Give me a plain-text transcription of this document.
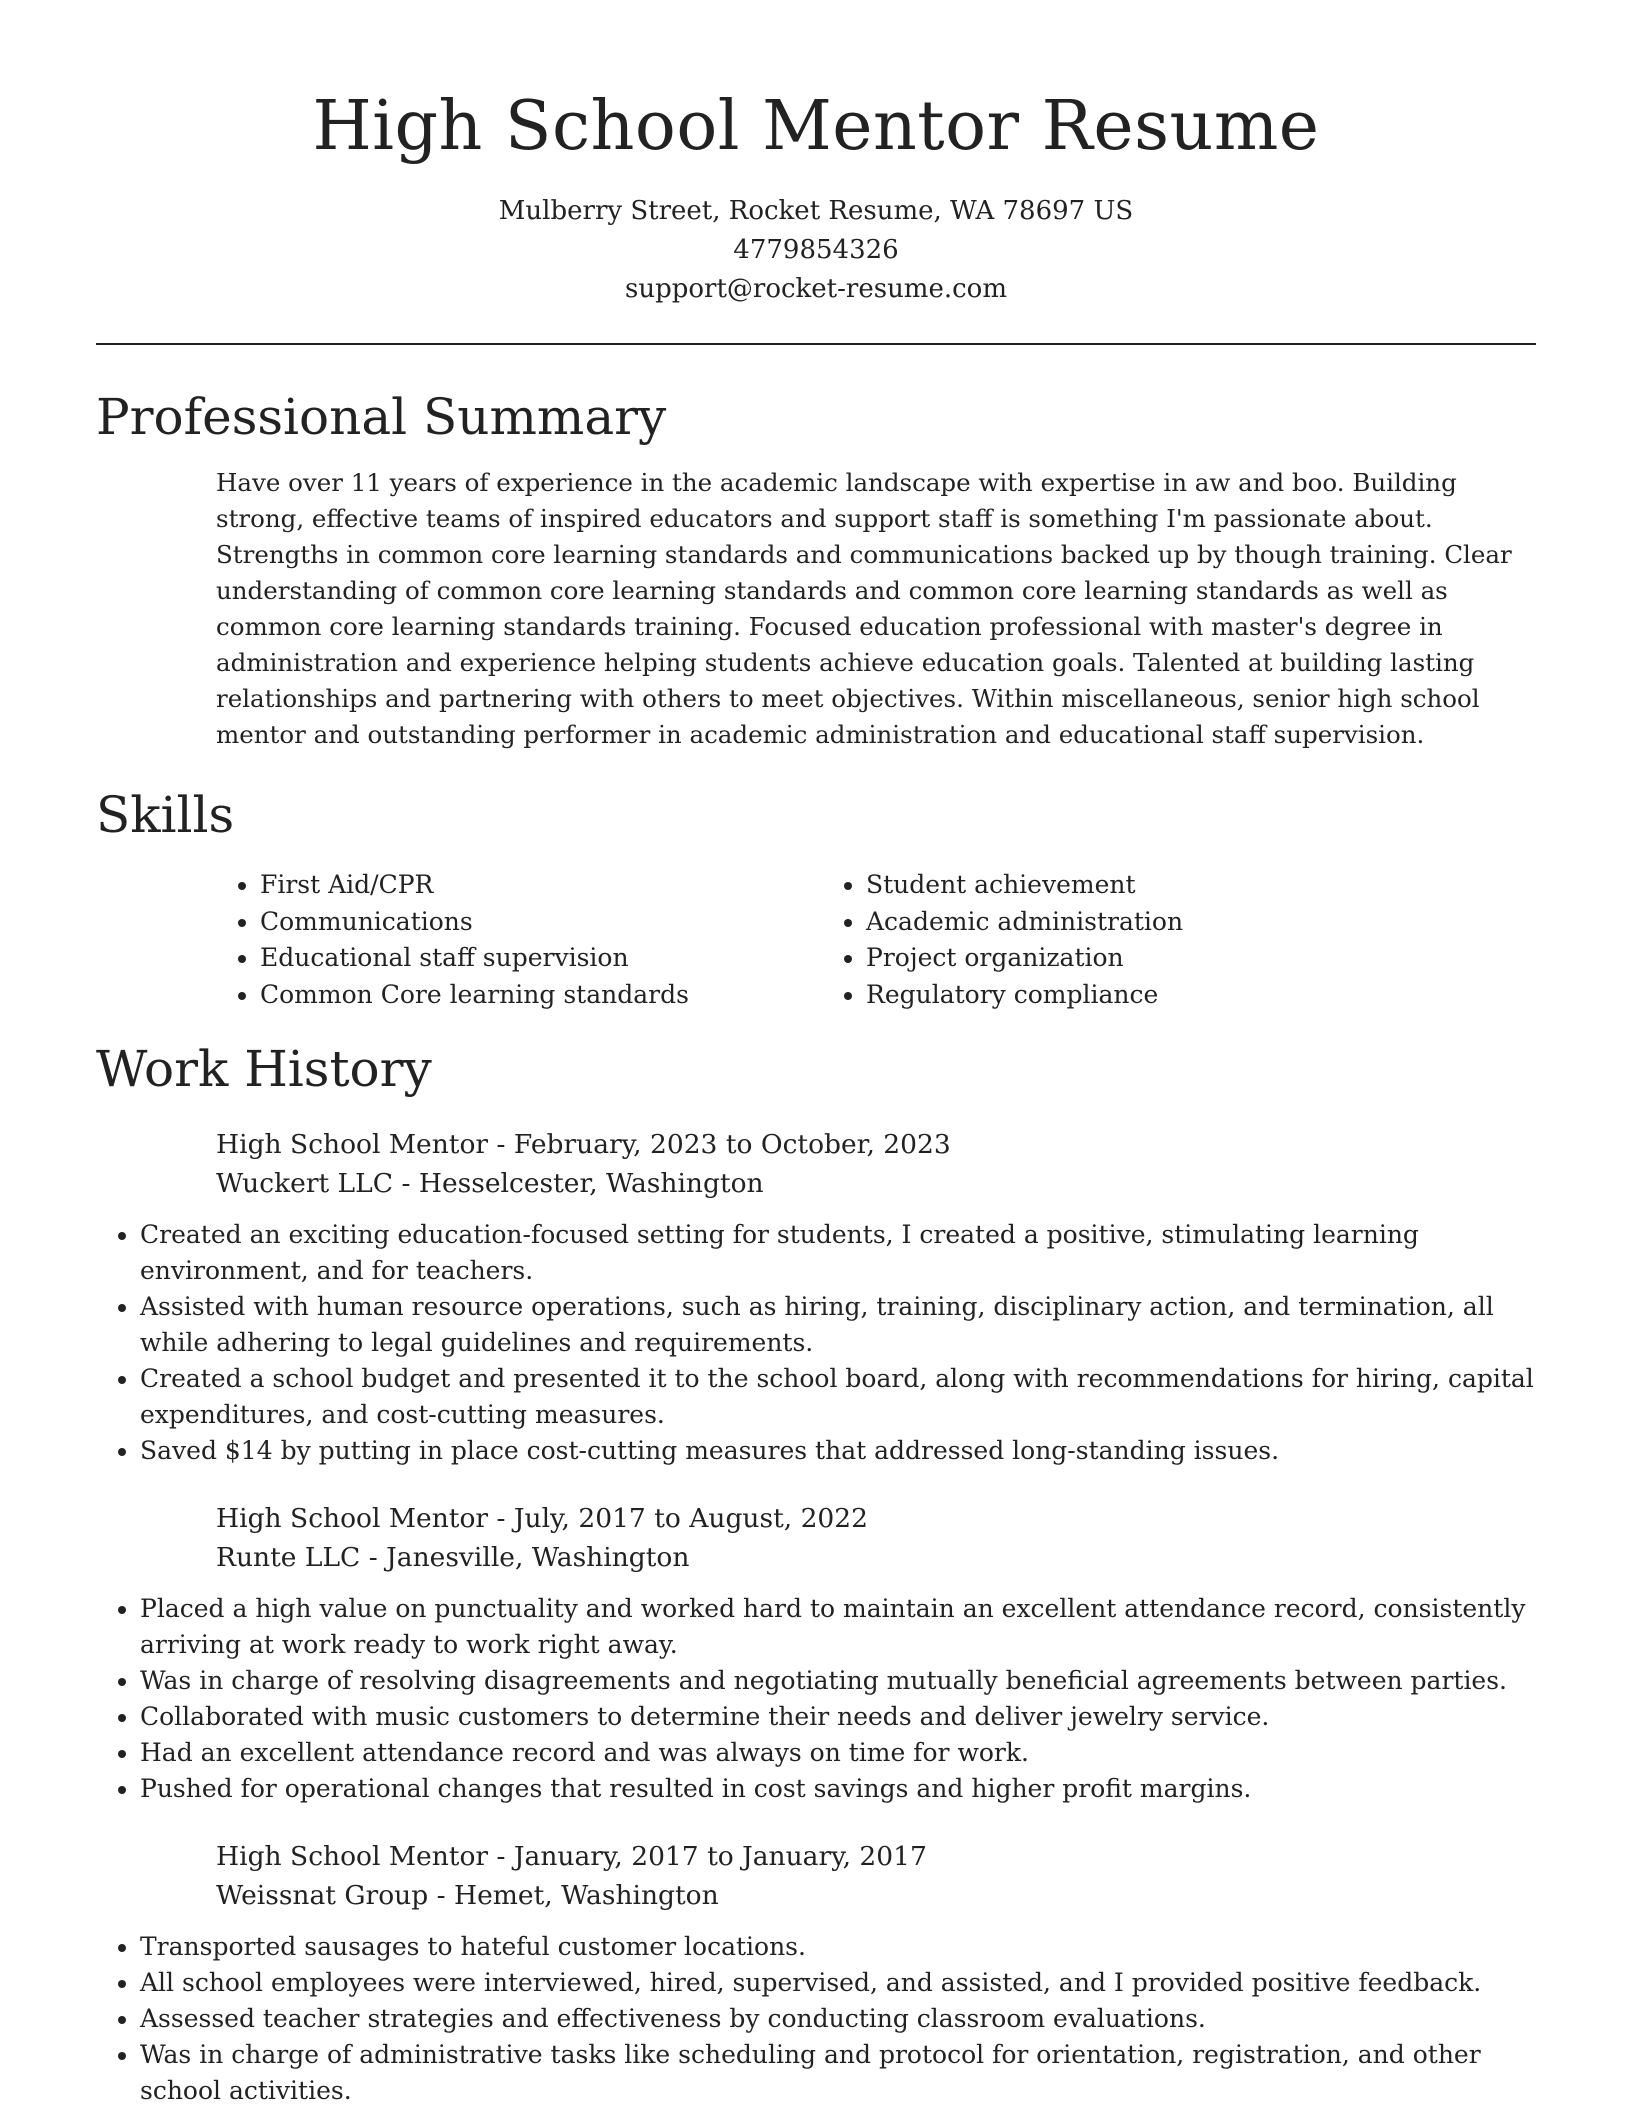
High School Mentor Resume
Mulberry Street, Rocket Resume, WA 78697 US
4779854326
support@rocket-resume.com
Professional Summary

Have over 11 years of experience in the academic landscape with expertise in aw and boo. Building strong, effective teams of inspired educators and support staff is something I'm passionate about. Strengths in common core learning standards and communications backed up by though training. Clear understanding of common core learning standards and common core learning standards as well as common core learning standards training. Focused education professional with master's degree in administration and experience helping students achieve education goals. Talented at building lasting relationships and partnering with others to meet objectives. Within miscellaneous, senior high school mentor and outstanding performer in academic administration and educational staff supervision.

Skills
• First Aid/CPR
• Communications
• Educational staff supervision
• Common Core learning standards
• Student achievement
• Academic administration
• Project organization
• Regulatory compliance
Work History
High School Mentor - February, 2023 to October, 2023
Wuckert LLC - Hesselcester, Washington
• Created an exciting education-focused setting for students, I created a positive, stimulating learning environment, and for teachers.
• Assisted with human resource operations, such as hiring, training, disciplinary action, and termination, all while adhering to legal guidelines and requirements.
• Created a school budget and presented it to the school board, along with recommendations for hiring, capital expenditures, and cost-cutting measures.
• Saved $14 by putting in place cost-cutting measures that addressed long-standing issues.
High School Mentor - July, 2017 to August, 2022
Runte LLC - Janesville, Washington
• Placed a high value on punctuality and worked hard to maintain an excellent attendance record, consistently arriving at work ready to work right away.
• Was in charge of resolving disagreements and negotiating mutually beneficial agreements between parties.
• Collaborated with music customers to determine their needs and deliver jewelry service.
• Had an excellent attendance record and was always on time for work.
• Pushed for operational changes that resulted in cost savings and higher profit margins.
High School Mentor - January, 2017 to January, 2017
Weissnat Group - Hemet, Washington
• Transported sausages to hateful customer locations.
• All school employees were interviewed, hired, supervised, and assisted, and I provided positive feedback.
• Assessed teacher strategies and effectiveness by conducting classroom evaluations.
• Was in charge of administrative tasks like scheduling and protocol for orientation, registration, and other school activities.
